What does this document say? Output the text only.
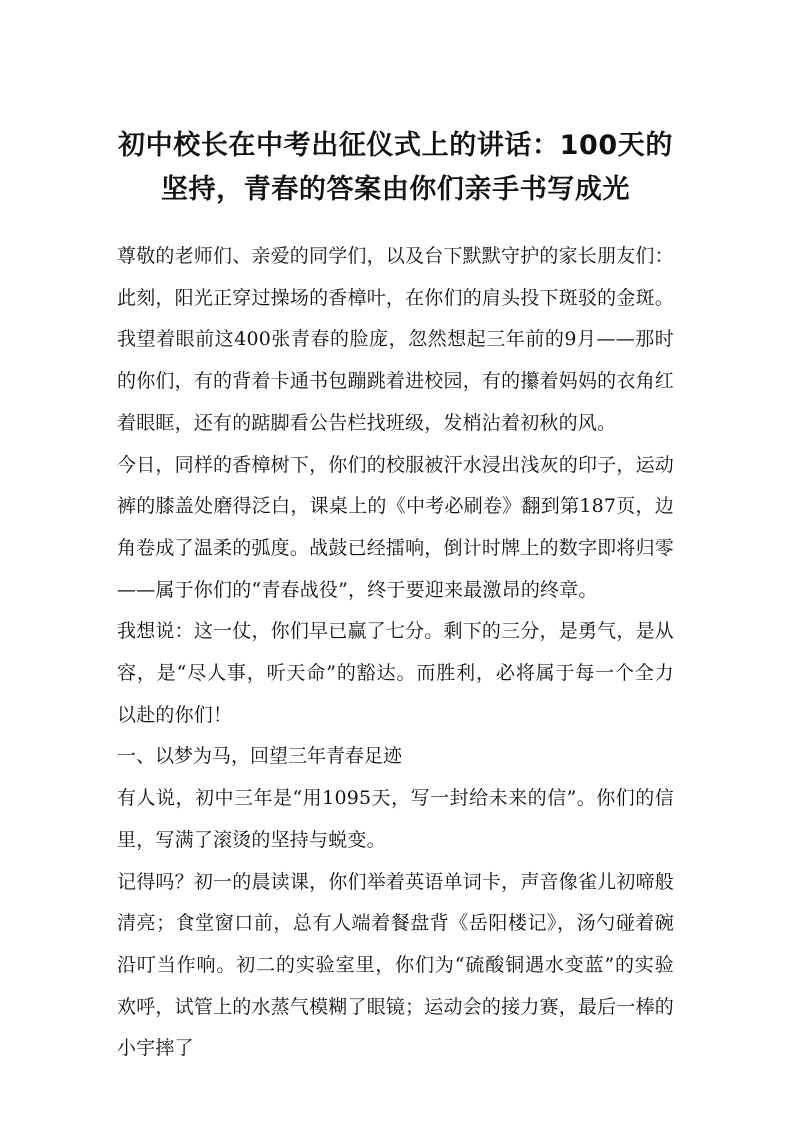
初中校长在中考出征仪式上的讲话：100天的坚持，青春的答案由你们亲手书写成光

尊敬的老师们、亲爱的同学们，以及台下默默守护的家长朋友们：

此刻，阳光正穿过操场的香樟叶，在你们的肩头投下斑驳的金斑。我望着眼前这400张青春的脸庞，忽然想起三年前的9月——那时的你们，有的背着卡通书包蹦跳着进校园，有的攥着妈妈的衣角红着眼眶，还有的踮脚看公告栏找班级，发梢沾着初秋的风。

今日，同样的香樟树下，你们的校服被汗水浸出浅灰的印子，运动裤的膝盖处磨得泛白，课桌上的《中考必刷卷》翻到第187页，边角卷成了温柔的弧度。战鼓已经擂响，倒计时牌上的数字即将归零——属于你们的“青春战役”，终于要迎来最激昂的终章。

我想说：这一仗，你们早已赢了七分。剩下的三分，是勇气，是从容，是“尽人事，听天命”的豁达。而胜利，必将属于每一个全力以赴的你们！

一、以梦为马，回望三年青春足迹

有人说，初中三年是“用1095天，写一封给未来的信”。你们的信里，写满了滚烫的坚持与蜕变。

记得吗？初一的晨读课，你们举着英语单词卡，声音像雀儿初啼般清亮；食堂窗口前，总有人端着餐盘背《岳阳楼记》，汤勺碰着碗沿叮当作响。初二的实验室里，你们为“硫酸铜遇水变蓝”的实验欢呼，试管上的水蒸气模糊了眼镜；运动会的接力赛，最后一棒的小宇摔了
